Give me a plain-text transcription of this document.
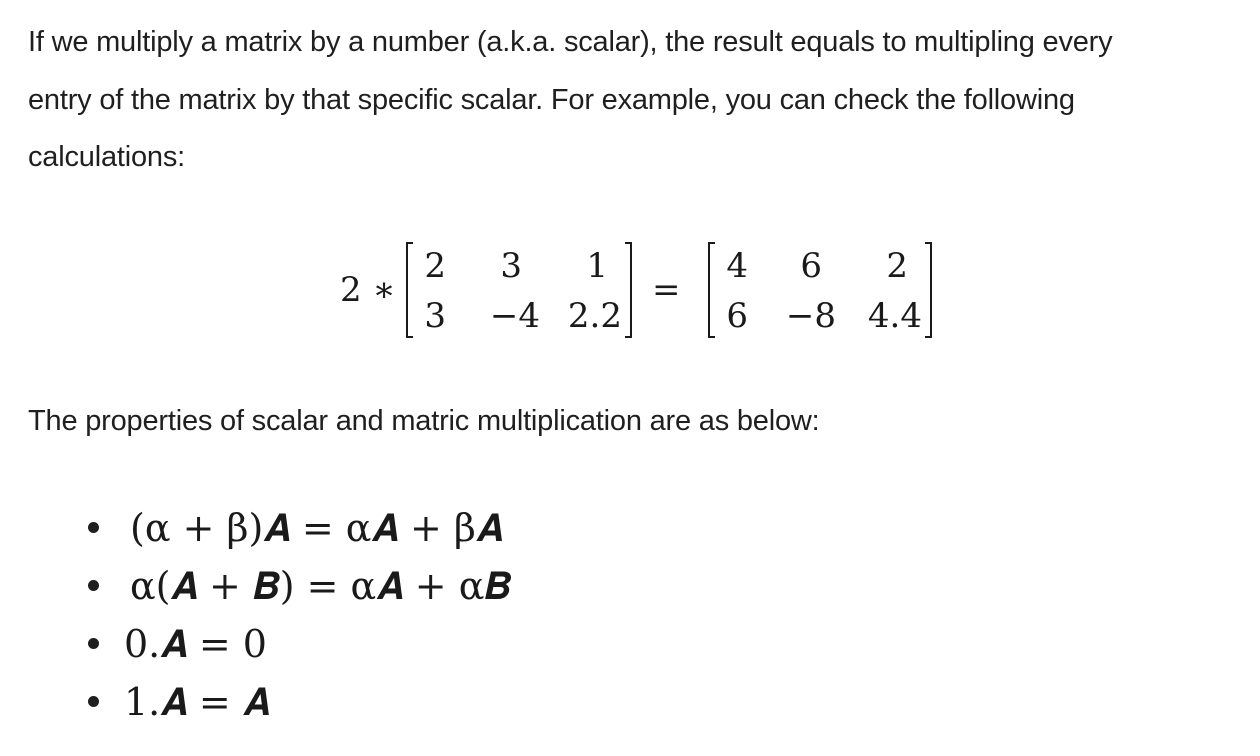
If we multiply a matrix by a number (a.k.a. scalar), the result equals to multipling every

entry of the matrix by that specific scalar. For example, you can check the following

calculations:

2 ∗
2 3 1
3 −4 2.2
=
4 6 2
6 −8 4.4

The properties of scalar and matric multiplication are as below:

(α + β)𝑨 = α𝑨 + β𝑨
α(𝑨 + 𝑩) = α𝑨 + α𝑩
0.𝑨 = 0
1.𝑨 = 𝑨
